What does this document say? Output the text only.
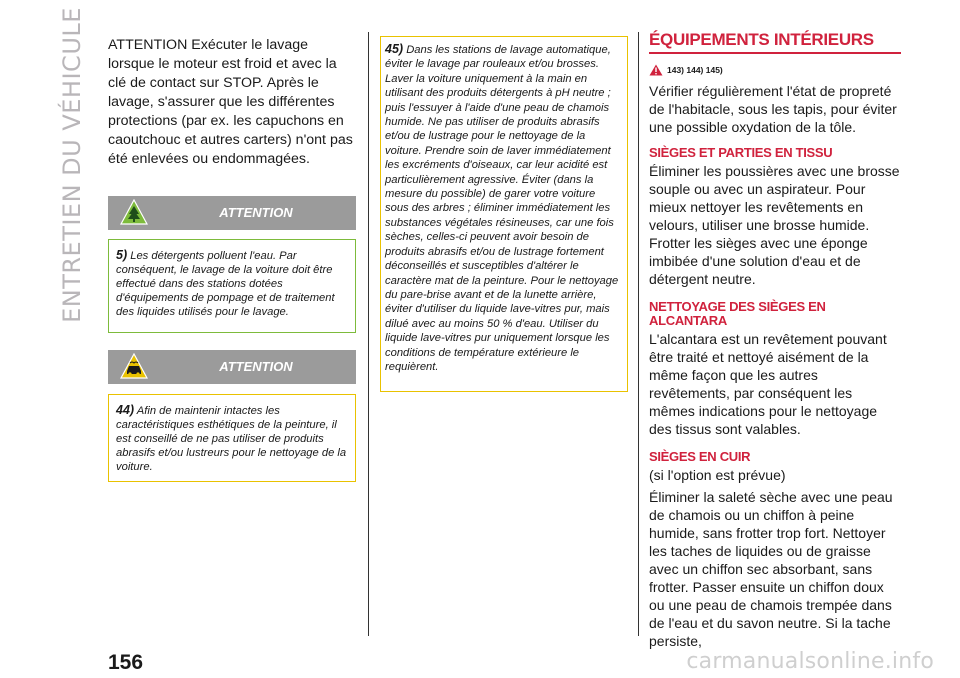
ENTRETIEN DU VÉHICULE ATTENTION Exécuter le lavage lorsque le moteur est froid et avec la clé de contact sur STOP. Après le lavage, s'assurer que les différentes protections (par ex. les capuchons en caoutchouc et autres carters) n'ont pas été enlevées ou endommagées.

ATTENTION
5) Les détergents polluent l'eau. Par conséquent, le lavage de la voiture doit être effectué dans des stations dotées d'équipements de pompage et de traitement des liquides utilisés pour le lavage.
ATTENTION
44) Afin de maintenir intactes les caractéristiques esthétiques de la peinture, il est conseillé de ne pas utiliser de produits abrasifs et/ou lustreurs pour le nettoyage de la voiture.
45) Dans les stations de lavage automatique, éviter le lavage par rouleaux et/ou brosses. Laver la voiture uniquement à la main en utilisant des produits détergents à pH neutre ; puis l'essuyer à l'aide d'une peau de chamois humide. Ne pas utiliser de produits abrasifs et/ou de lustrage pour le nettoyage de la voiture. Prendre soin de laver immédiatement les excréments d'oiseaux, car leur acidité est particulièrement agressive. Éviter (dans la mesure du possible) de garer votre voiture sous des arbres ; éliminer immédiatement les substances végétales résineuses, car une fois sèches, celles-ci peuvent avoir besoin de produits abrasifs et/ou de lustrage fortement déconseillés et susceptibles d'altérer le caractère mat de la peinture. Pour le nettoyage du pare-brise avant et de la lunette arrière, éviter d'utiliser du liquide lave-vitres pur, mais dilué avec au moins 50 % d'eau. Utiliser du liquide lave-vitres pur uniquement lorsque les conditions de température extérieure le requièrent.
ÉQUIPEMENTS INTÉRIEURS
143) 144) 145)

Vérifier régulièrement l'état de propreté de l'habitacle, sous les tapis, pour éviter une possible oxydation de la tôle.

SIÈGES ET PARTIES EN TISSU

Éliminer les poussières avec une brosse souple ou avec un aspirateur. Pour mieux nettoyer les revêtements en velours, utiliser une brosse humide. Frotter les sièges avec une éponge imbibée d'une solution d'eau et de détergent neutre.

NETTOYAGE DES SIÈGES EN ALCANTARA

L'alcantara est un revêtement pouvant être traité et nettoyé aisément de la même façon que les autres revêtements, par conséquent les mêmes indications pour le nettoyage des tissus sont valables.

SIÈGES EN CUIR

(si l'option est prévue)

Éliminer la saleté sèche avec une peau de chamois ou un chiffon à peine humide, sans frotter trop fort. Nettoyer les taches de liquides ou de graisse avec un chiffon sec absorbant, sans frotter. Passer ensuite un chiffon doux ou une peau de chamois trempée dans de l'eau et du savon neutre. Si la tache persiste,

156	carmanualsonline.info
